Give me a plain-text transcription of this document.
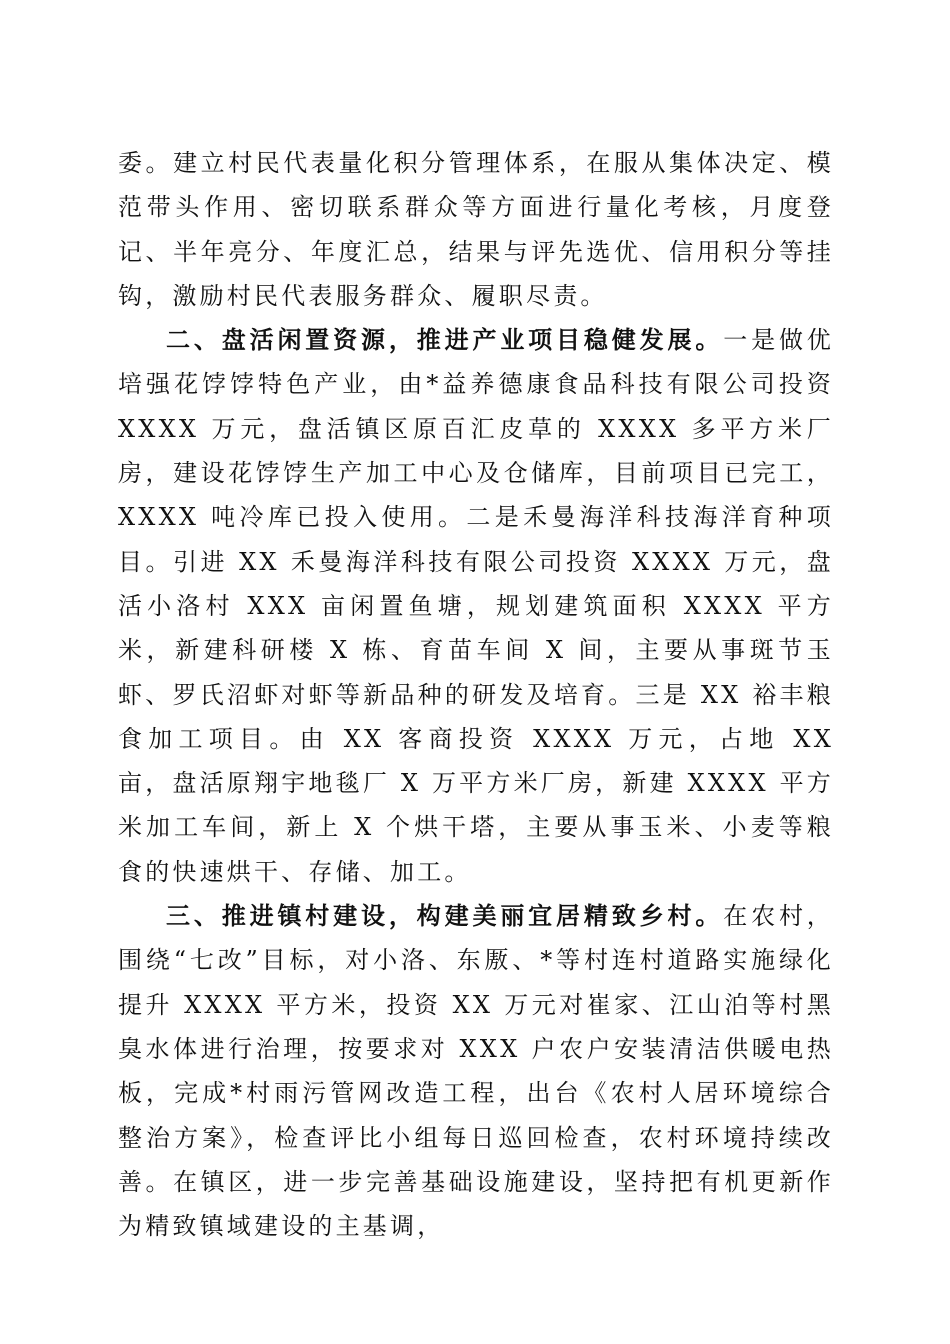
委。建立村民代表量化积分管理体系，在服从集体决定、模范带头作用、密切联系群众等方面进行量化考核，月度登记、半年亮分、年度汇总，结果与评先选优、信用积分等挂钩，激励村民代表服务群众、履职尽责。

二、盘活闲置资源，推进产业项目稳健发展。一是做优培强花饽饽特色产业，由*益养德康食品科技有限公司投资 XXXX 万元，盘活镇区原百汇皮草的 XXXX 多平方米厂房，建设花饽饽生产加工中心及仓储库，目前项目已完工，XXXX 吨冷库已投入使用。二是禾曼海洋科技海洋育种项目。引进 XX 禾曼海洋科技有限公司投资 XXXX 万元，盘活小洛村 XXX 亩闲置鱼塘，规划建筑面积 XXXX 平方米，新建科研楼 X 栋、育苗车间 X 间，主要从事斑节玉虾、罗氏沼虾对虾等新品种的研发及培育。三是 XX 裕丰粮食加工项目。由 XX 客商投资 XXXX 万元，占地 XX 亩，盘活原翔宇地毯厂 X 万平方米厂房，新建 XXXX 平方米加工车间，新上 X 个烘干塔，主要从事玉米、小麦等粮食的快速烘干、存储、加工。

三、推进镇村建设，构建美丽宜居精致乡村。在农村，围绕“七改”目标，对小洛、东厫、*等村连村道路实施绿化提升 XXXX 平方米，投资 XX 万元对崔家、江山泊等村黑臭水体进行治理，按要求对 XXX 户农户安装清洁供暖电热板，完成*村雨污管网改造工程，出台《农村人居环境综合整治方案》，检查评比小组每日巡回检查，农村环境持续改善。在镇区，进一步完善基础设施建设，坚持把有机更新作为精致镇域建设的主基调，
